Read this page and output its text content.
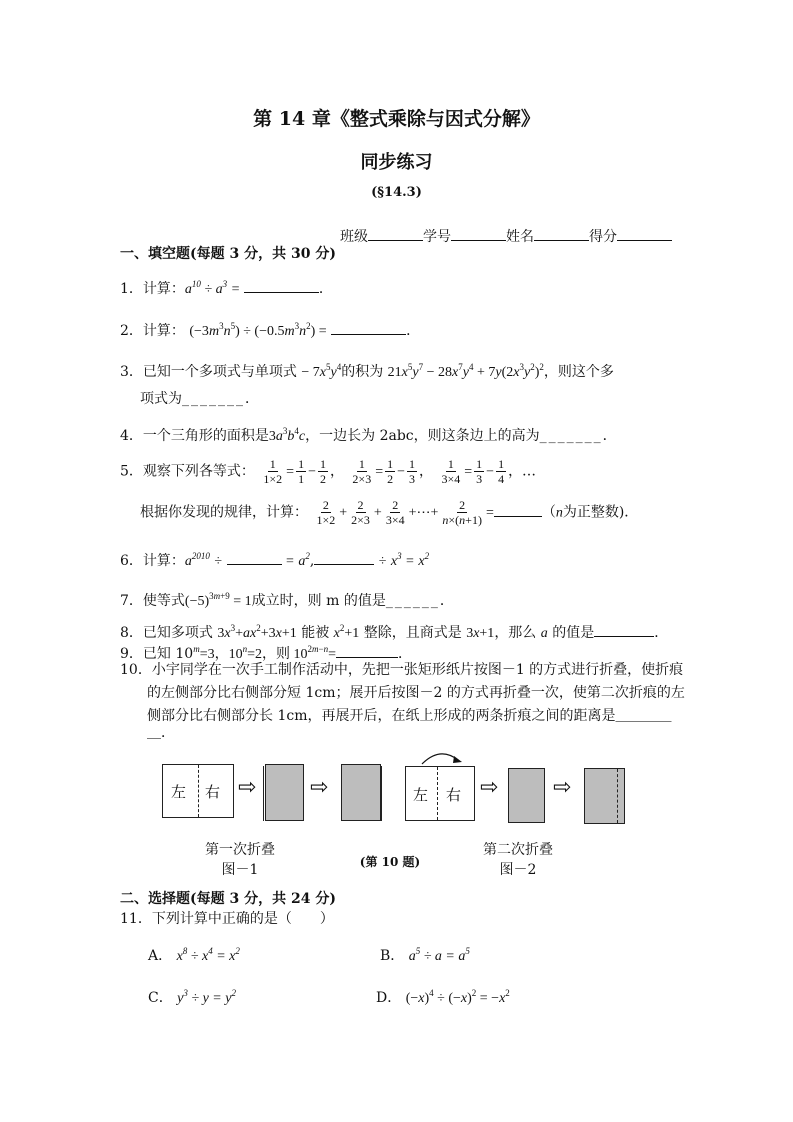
第 14 章《整式乘除与因式分解》
同步练习
(§14.3)
班级	学号	姓名	得分
一、填空题(每题 3 分，共 30 分)
1．计算：$a^{10} \div a^3$ =	．
2．计算： $(-3m^3n^5) \div (-0.5m^3n^2)$ =	．
3．已知一个多项式与单项式 − $7x^5y^4$的积为 $21x^5y^7 - 28x^7y^4 + 7y(2x^3y^2)^2$，则这个多
项式为_______．
4．一个三角形的面积是$3a^3b^4c$，一边长为 2abc，则这条边上的高为_______．
5．观察下列各等式： $\frac{1}{1\times 2} = \frac{1}{1} - \frac{1}{2}$ ， $\frac{1}{2\times 3} = \frac{1}{2} - \frac{1}{3}$ ， $\frac{1}{3\times 4} = \frac{1}{3} - \frac{1}{4}$ ，…
根据你发现的规律，计算： $\frac{2}{1\times 2} + \frac{2}{2\times 3} + \frac{2}{3\times 4}$ +⋯+ $\frac{2}{n\times(n+1)}$ =	（n为正整数)．
6．计算：$a^{2010}$ ÷	= $a^2$,	÷ $x^3 = x^2$
7．使等式$(-5)^{3m+9} = 1$成立时，则 m 的值是______．
8．已知多项式 $3x^3+ax^2+3x+1$ 能被 $x^2+1$ 整除，且商式是 3x+1，那么 a 的值是	．
9．已知 $10^m=3$，$10^n=2$，则 $10^{2m-n}=$	．
10．小宇同学在一次手工制作活动中，先把一张矩形纸片按图－1 的方式进行折叠，使折痕
的左侧部分比右侧部分短 1cm；展开后按图－2 的方式再折叠一次，使第二次折痕的左
侧部分比右侧部分长 1cm，再展开后，在纸上形成的两条折痕之间的距离是＿＿＿＿
＿．
左 右 ⇨ ⇨	左 右 ⇨ ⇨
第一次折叠
图－1	(第 10 题)
第二次折叠
图－2
二、选择题(每题 3 分，共 24 分)
11．下列计算中正确的是（　　）
A． $x^8 \div x^4 = x^2$	B． $a^5 \div a = a^5$
C． $y^3 \div y = y^2$	D． $(-x)^4 \div (-x)^2 = -x^2$
